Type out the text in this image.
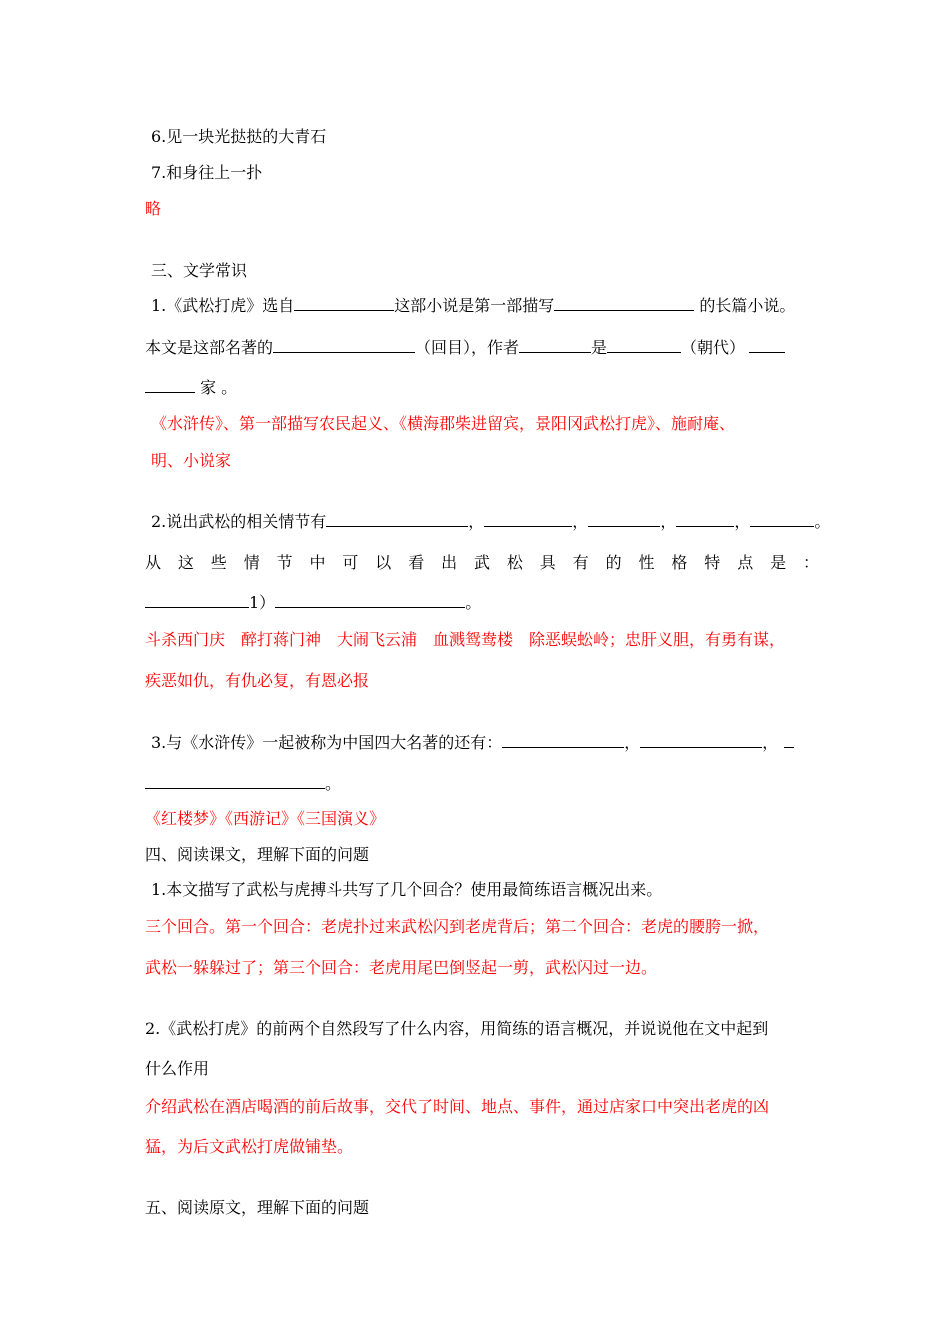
6.见一块光挞挞的大青石

7.和身往上一扑

略

三、文学常识

1.《武松打虎》选自	这部小说是第一部描写	的长篇小说。

本文是这部名著的	（回目），作者	是	（朝代）

家 。

《水浒传》、第一部描写农民起义、《横海郡柴进留宾，景阳冈武松打虎》、施耐庵、

明、小说家

2.说出武松的相关情节有	，	，	，	，	。

从这些情节中可以看出武松具有的性格特点是：

1）	。

斗杀西门庆　醉打蒋门神　大闹飞云浦　血溅鸳鸯楼　除恶蜈蚣岭；忠肝义胆，有勇有谋，

疾恶如仇，有仇必复，有恩必报

3.与《水浒传》一起被称为中国四大名著的还有：	，	，

。

《红楼梦》《西游记》《三国演义》

四、阅读课文，理解下面的问题

1.本文描写了武松与虎搏斗共写了几个回合？使用最简练语言概况出来。

三个回合。第一个回合：老虎扑过来武松闪到老虎背后；第二个回合：老虎的腰胯一掀，

武松一躲躲过了；第三个回合：老虎用尾巴倒竖起一剪，武松闪过一边。

2.《武松打虎》的前两个自然段写了什么内容，用简练的语言概况，并说说他在文中起到

什么作用

介绍武松在酒店喝酒的前后故事，交代了时间、地点、事件，通过店家口中突出老虎的凶

猛，为后文武松打虎做铺垫。

五、阅读原文，理解下面的问题
